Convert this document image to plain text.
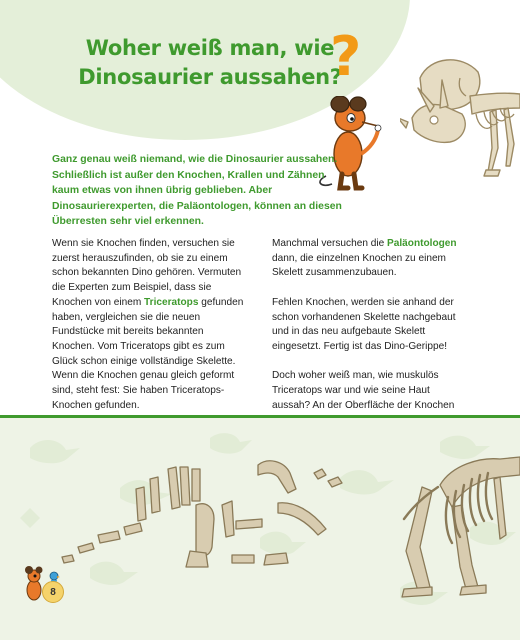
Woher weiß man, wie
Dinosaurier aussahen?
?

Ganz genau weiß niemand, wie die Dinosaurier aussahen. Schließlich ist außer den Knochen, Krallen und Zähnen kaum etwas von ihnen übrig geblieben. Aber Dinosaurierexperten, die Paläontologen, können an diesen Überresten sehr viel erkennen.

Wenn sie Knochen finden, versuchen sie zuerst herauszufinden, ob sie zu einem schon bekannten Dino gehören. Vermuten die Experten zum Beispiel, dass sie Knochen von einem Triceratops gefunden haben, vergleichen sie die neuen Fundstücke mit bereits bekannten Knochen. Vom Triceratops gibt es zum Glück schon einige vollständige Skelette. Wenn die Knochen genau gleich geformt sind, steht fest: Sie haben Triceratops-Knochen gefunden.

Manchmal versuchen die Paläontologen dann, die einzelnen Knochen zu einem Skelett zusammenzubauen.

Fehlen Knochen, werden sie anhand der schon vorhandenen Skelette nachgebaut und in das neu aufgebaute Skelett eingesetzt. Fertig ist das Dino-Gerippe!

Doch woher weiß man, wie muskulös Triceratops war und wie seine Haut aussah? An der Oberfläche der Knochen

8
